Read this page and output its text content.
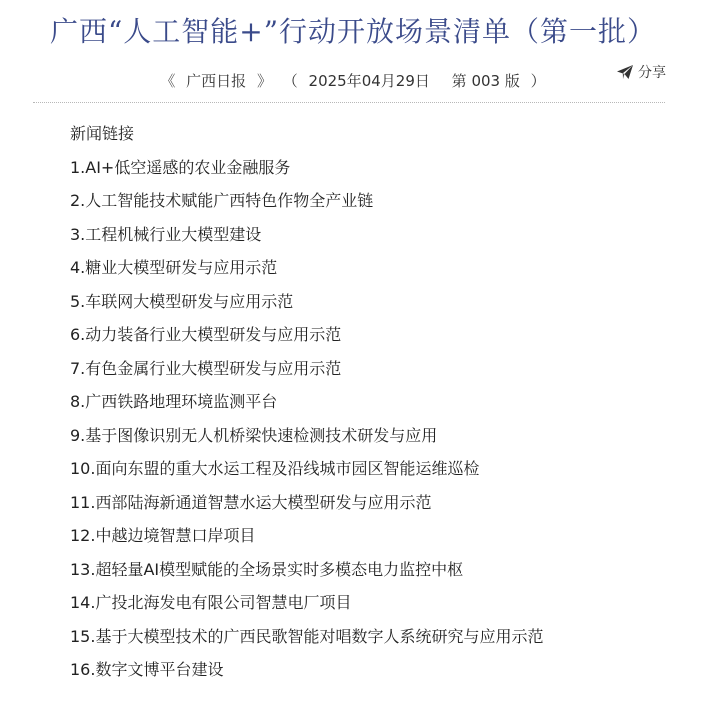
广西“人工智能+”行动开放场景清单（第一批）
《 广西日报 》 （ 2025年04月29日 第 003 版 ）	分享
新闻链接
1.AI+低空遥感的农业金融服务
2.人工智能技术赋能广西特色作物全产业链
3.工程机械行业大模型建设
4.糖业大模型研发与应用示范
5.车联网大模型研发与应用示范
6.动力装备行业大模型研发与应用示范
7.有色金属行业大模型研发与应用示范
8.广西铁路地理环境监测平台
9.基于图像识别无人机桥梁快速检测技术研发与应用
10.面向东盟的重大水运工程及沿线城市园区智能运维巡检
11.西部陆海新通道智慧水运大模型研发与应用示范
12.中越边境智慧口岸项目
13.超轻量AI模型赋能的全场景实时多模态电力监控中枢
14.广投北海发电有限公司智慧电厂项目
15.基于大模型技术的广西民歌智能对唱数字人系统研究与应用示范
16.数字文博平台建设
